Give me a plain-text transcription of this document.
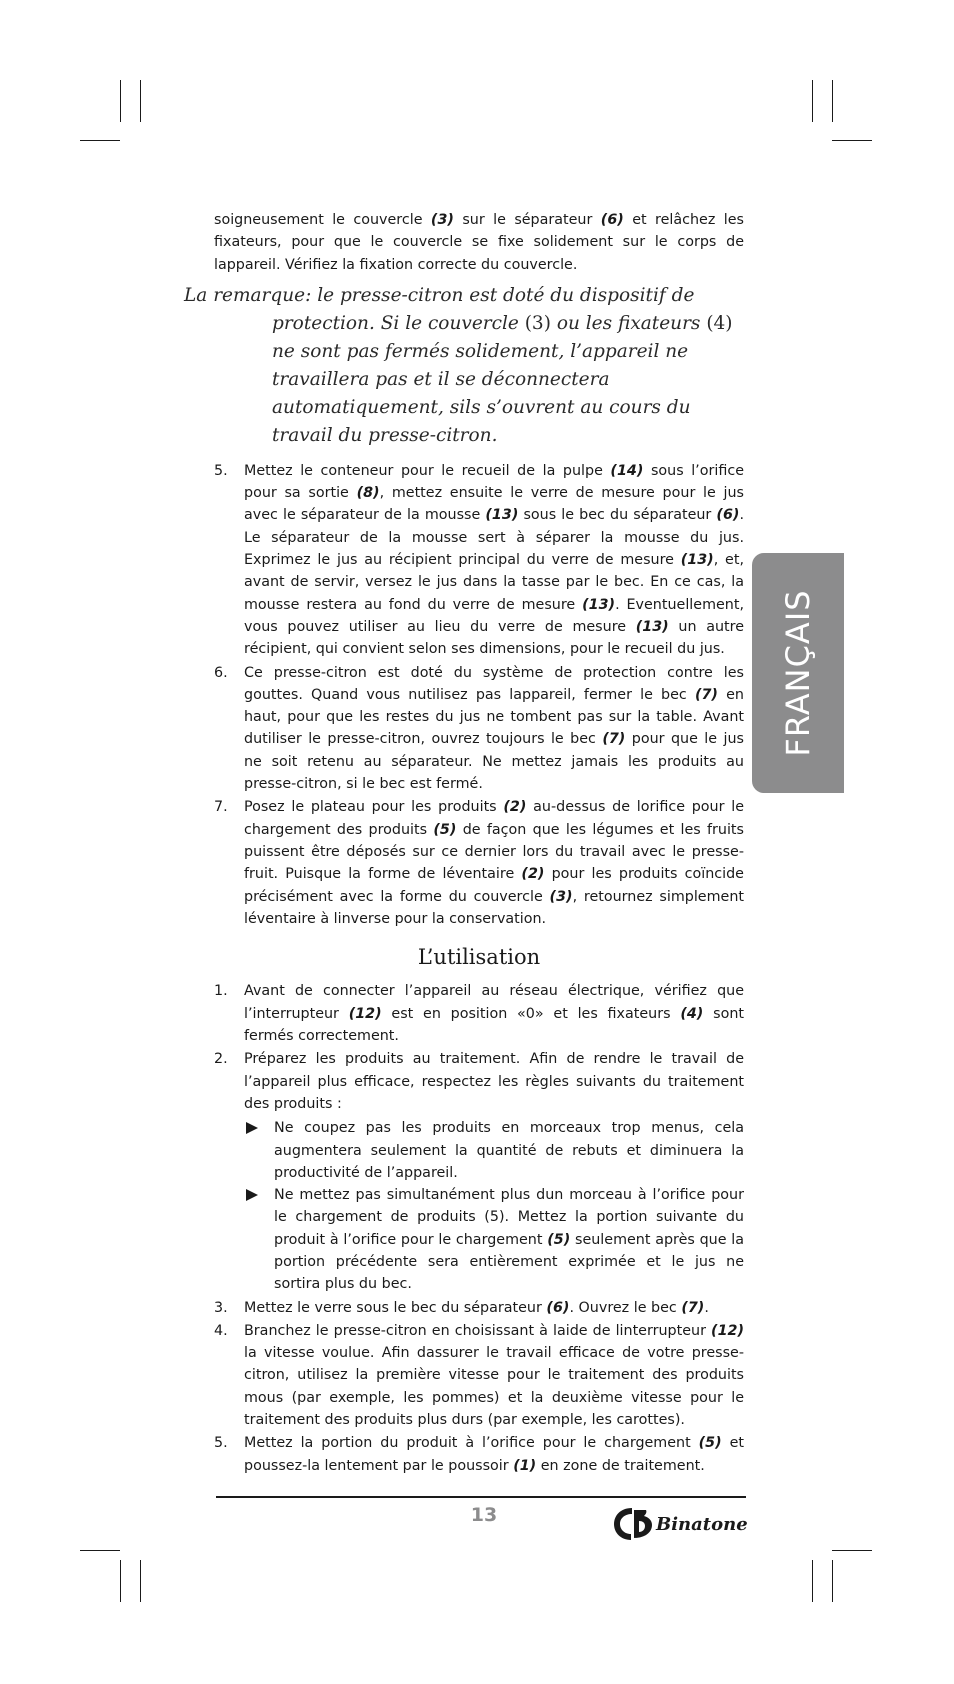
soigneusement le couvercle (3) sur le séparateur (6) et relâchez les fixateurs, pour que le couvercle se fixe solidement sur le corps de lappareil. Vérifiez la fixation correcte du couvercle.

La remarque: le presse-citron est doté du dispositif de protection. Si le couvercle (3) ou les fixateurs (4) ne sont pas fermés solidement, l’appareil ne travaillera pas et il se déconnectera automatiquement, sils s’ouvrent au cours du travail du presse-citron.

5.	Mettez le conteneur pour le recueil de la pulpe (14) sous l’orifice pour sa sortie (8), mettez ensuite le verre de mesure pour le jus avec le séparateur de la mousse (13) sous le bec du séparateur (6). Le séparateur de la mousse sert à séparer la mousse du jus. Exprimez le jus au récipient principal du verre de mesure (13), et, avant de servir, versez le jus dans la tasse par le bec. En ce cas, la mousse restera au fond du verre de mesure (13). Eventuellement, vous pouvez utiliser au lieu du verre de mesure (13) un autre récipient, qui convient selon ses dimensions, pour le recueil du jus.
6.	Ce presse-citron est doté du système de protection contre les gouttes. Quand vous nutilisez pas lappareil, fermer le bec (7) en haut, pour que les restes du jus ne tombent pas sur la table. Avant dutiliser le presse-citron, ouvrez toujours le bec (7) pour que le jus ne soit retenu au séparateur. Ne mettez jamais les produits au presse-citron, si le bec est fermé.
7.	Posez le plateau pour les produits (2) au-dessus de lorifice pour le chargement des produits (5) de façon que les légumes et les fruits puissent être déposés sur ce dernier lors du travail avec le presse-fruit. Puisque la forme de léventaire (2) pour les produits coïncide précisément avec la forme du couvercle (3), retournez simplement léventaire à linverse pour la conservation.
L’utilisation
1.	Avant de connecter l’appareil au réseau électrique, vérifiez que l’interrupteur (12) est en position «0» et les fixateurs (4) sont fermés correctement.
2.	Préparez les produits au traitement. Afin de rendre le travail de l’appareil plus efficace, respectez les règles suivants du traitement des produits :
Ne coupez pas les produits en morceaux trop menus, cela augmentera seulement la quantité de rebuts et diminuera la productivité de l’appareil.
Ne mettez pas simultanément plus dun morceau à l’orifice pour le chargement de produits (5). Mettez la portion suivante du produit à l’orifice pour le chargement (5) seulement après que la portion précédente sera entièrement exprimée et le jus ne sortira plus du bec.
3.	Mettez le verre sous le bec du séparateur (6). Ouvrez le bec (7).
4.	Branchez le presse-citron en choisissant à laide de linterrupteur (12) la vitesse voulue. Afin dassurer le travail efficace de votre presse-citron, utilisez la première vitesse pour le traitement des produits mous (par exemple, les pommes) et la deuxième vitesse pour le traitement des produits plus durs (par exemple, les carottes).
5.	Mettez la portion du produit à l’orifice pour le chargement (5) et poussez-la lentement par le poussoir (1) en zone de traitement.
FRANÇAIS
13	Binatone
